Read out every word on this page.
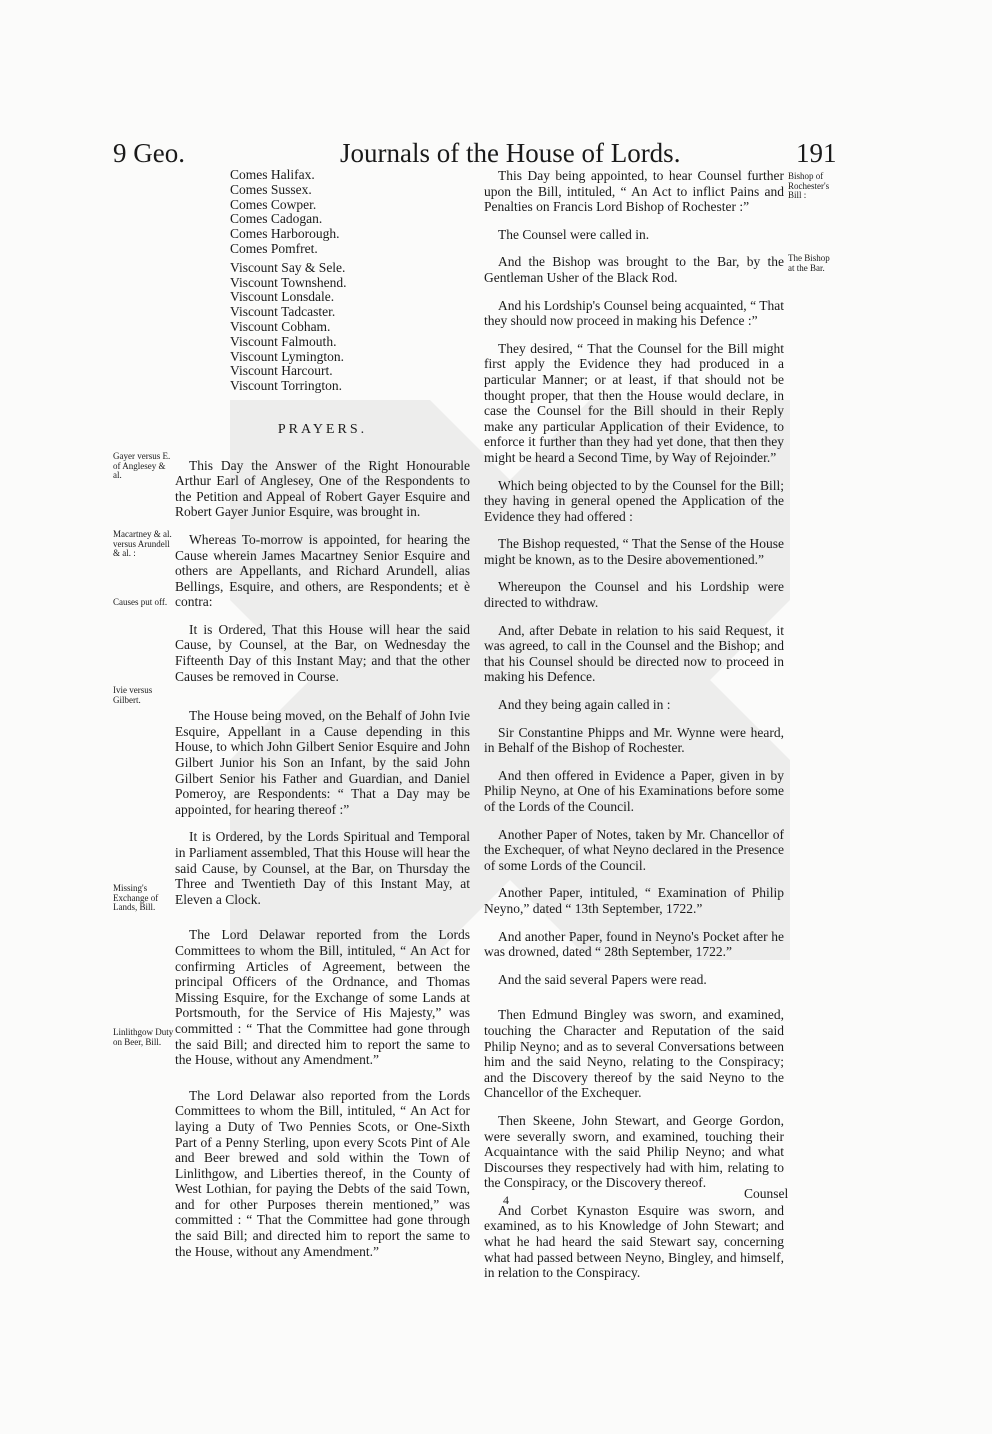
9 Geo.	Journals of the House of Lords.	191
Gayer versus E. of Anglesey & al.
Macartney & al. versus Arundell & al. :
Causes put off.
Ivie versus Gilbert.
Missing's Exchange of Lands, Bill.
Linlithgow Duty on Beer, Bill.
Bishop of Rochester's Bill :
The Bishop at the Bar.
Comes Halifax.
Comes Sussex.
Comes Cowper.
Comes Cadogan.
Comes Harborough.
Comes Pomfret.
Viscount Say & Sele.
Viscount Townshend.
Viscount Lonsdale.
Viscount Tadcaster.
Viscount Cobham.
Viscount Falmouth.
Viscount Lymington.
Viscount Harcourt.
Viscount Torrington.
PRAYERS.

This Day the Answer of the Right Honourable Arthur Earl of Anglesey, One of the Respondents to the Petition and Appeal of Robert Gayer Esquire and Robert Gayer Junior Esquire, was brought in.

Whereas To-morrow is appointed, for hearing the Cause wherein James Macartney Senior Esquire and others are Appellants, and Richard Arundell, alias Bellings, Esquire, and others, are Respondents; et è contra:

It is Ordered, That this House will hear the said Cause, by Counsel, at the Bar, on Wednesday the Fifteenth Day of this Instant May; and that the other Causes be removed in Course.

The House being moved, on the Behalf of John Ivie Esquire, Appellant in a Cause depending in this House, to which John Gilbert Senior Esquire and John Gilbert Junior his Son an Infant, by the said John Gilbert Senior his Father and Guardian, and Daniel Pomeroy, are Respondents: “ That a Day may be appointed, for hearing thereof :”

It is Ordered, by the Lords Spiritual and Temporal in Parliament assembled, That this House will hear the said Cause, by Counsel, at the Bar, on Thursday the Three and Twentieth Day of this Instant May, at Eleven a Clock.

The Lord Delawar reported from the Lords Committees to whom the Bill, intituled, “ An Act for confirming Articles of Agreement, between the principal Officers of the Ordnance, and Thomas Missing Esquire, for the Exchange of some Lands at Portsmouth, for the Service of His Majesty,” was committed : “ That the Committee had gone through the said Bill; and directed him to report the same to the House, without any Amendment.”

The Lord Delawar also reported from the Lords Committees to whom the Bill, intituled, “ An Act for laying a Duty of Two Pennies Scots, or One-Sixth Part of a Penny Sterling, upon every Scots Pint of Ale and Beer brewed and sold within the Town of Linlithgow, and Liberties thereof, in the County of West Lothian, for paying the Debts of the said Town, and for other Purposes therein mentioned,” was committed : “ That the Committee had gone through the said Bill; and directed him to report the same to the House, without any Amendment.”

This Day being appointed, to hear Counsel further upon the Bill, intituled, “ An Act to inflict Pains and Penalties on Francis Lord Bishop of Rochester :”

The Counsel were called in.

And the Bishop was brought to the Bar, by the Gentleman Usher of the Black Rod.

And his Lordship's Counsel being acquainted, “ That they should now proceed in making his Defence :”

They desired, “ That the Counsel for the Bill might first apply the Evidence they had produced in a particular Manner; or at least, if that should not be thought proper, that then the House would declare, in case the Counsel for the Bill should in their Reply make any particular Application of their Evidence, to enforce it further than they had yet done, that then they might be heard a Second Time, by Way of Rejoinder.”

Which being objected to by the Counsel for the Bill; they having in general opened the Application of the Evidence they had offered :

The Bishop requested, “ That the Sense of the House might be known, as to the Desire abovementioned.”

Whereupon the Counsel and his Lordship were directed to withdraw.

And, after Debate in relation to his said Request, it was agreed, to call in the Counsel and the Bishop; and that his Counsel should be directed now to proceed in making his Defence.

And they being again called in :

Sir Constantine Phipps and Mr. Wynne were heard, in Behalf of the Bishop of Rochester.

And then offered in Evidence a Paper, given in by Philip Neyno, at One of his Examinations before some of the Lords of the Council.

Another Paper of Notes, taken by Mr. Chancellor of the Exchequer, of what Neyno declared in the Presence of some Lords of the Council.

Another Paper, intituled, “ Examination of Philip Neyno,” dated “ 13th September, 1722.”

And another Paper, found in Neyno's Pocket after he was drowned, dated “ 28th September, 1722.”

And the said several Papers were read.

Then Edmund Bingley was sworn, and examined, touching the Character and Reputation of the said Philip Neyno; and as to several Conversations between him and the said Neyno, relating to the Conspiracy; and the Discovery thereof by the said Neyno to the Chancellor of the Exchequer.

Then Skeene, John Stewart, and George Gordon, were severally sworn, and examined, touching their Acquaintance with the said Philip Neyno; and what Discourses they respectively had with him, relating to the Conspiracy, or the Discovery thereof.

And Corbet Kynaston Esquire was sworn, and examined, as to his Knowledge of John Stewart; and what he had heard the said Stewart say, concerning what had passed between Neyno, Bingley, and himself, in relation to the Conspiracy.

4	Counsel
